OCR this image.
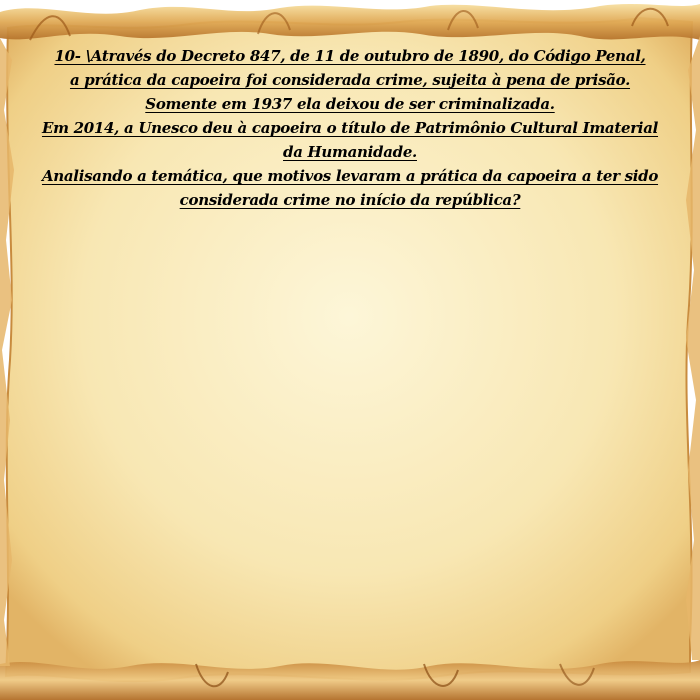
10- \Através do Decreto 847, de 11 de outubro de 1890, do Código Penal,
a prática da capoeira foi considerada crime, sujeita à pena de prisão.
Somente em 1937 ela deixou de ser criminalizada.
Em 2014, a Unesco deu à capoeira o título de Patrimônio Cultural Imaterial
da Humanidade.
Analisando a temática, que motivos levaram a prática da capoeira a ter sido
considerada crime no início da república?
